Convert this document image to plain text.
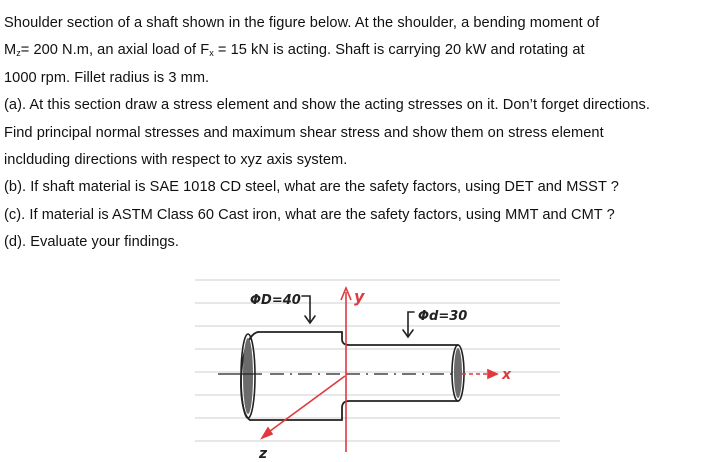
Shoulder section of a shaft shown in the figure below. At the shoulder, a bending moment of
$M_z= 200$ N.m, an axial load of $F_x = 15$ kN is acting. Shaft is carrying 20 kW and rotating at
1000 rpm. Fillet radius is 3 mm.
(a). At this section draw a stress element and show the acting stresses on it. Don’t forget directions.
Find principal normal stresses and maximum shear stress and show them on stress element
inclduding directions with respect to xyz axis system.
(b). If shaft material is SAE 1018 CD steel, what are the safety factors, using DET and MSST ?
(c). If material is ASTM Class 60 Cast iron, what are the safety factors, using MMT and CMT ?
(d). Evaluate your findings.
ΦD=40
Φd=30
y
x
z
